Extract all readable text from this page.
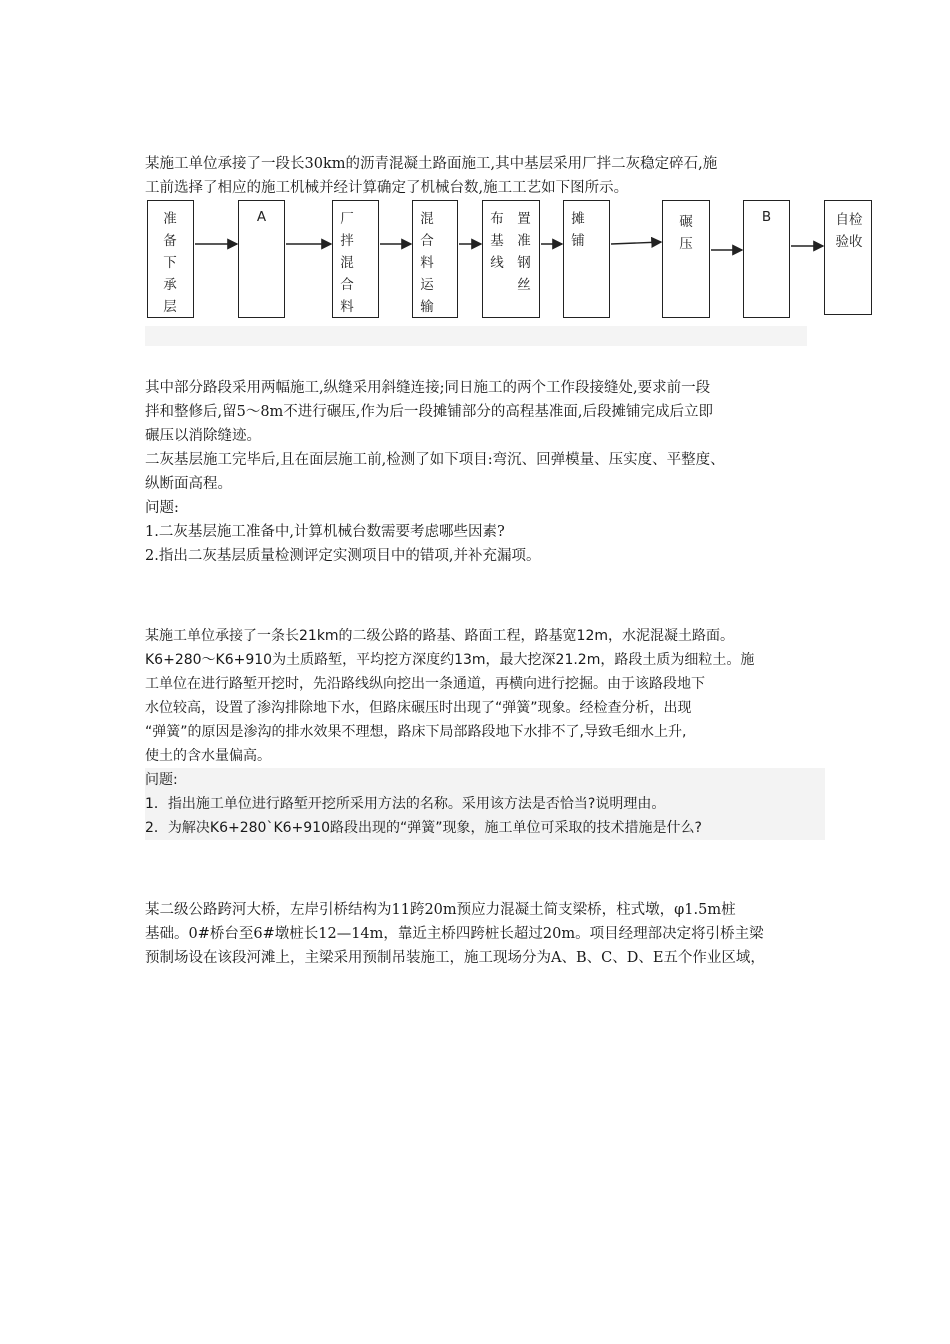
某施工单位承接了一段长30km的沥青混凝土路面施工,其中基层采用厂拌二灰稳定碎石,施
工前选择了相应的施工机械并经计算确定了机械台数,施工工艺如下图所示。
准备下承层
A	厂拌混合料
混合料运输
布基线
置准钢丝
摊铺
碾压
B	自检验收
其中部分路段采用两幅施工,纵缝采用斜缝连接;同日施工的两个工作段接缝处,要求前一段
拌和整修后,留5～8m不进行碾压,作为后一段摊铺部分的高程基准面,后段摊铺完成后立即
碾压以消除缝迹。
二灰基层施工完毕后,且在面层施工前,检测了如下项目:弯沉、回弹模量、压实度、平整度、
纵断面高程。
问题:
1.二灰基层施工准备中,计算机械台数需要考虑哪些因素?
2.指出二灰基层质量检测评定实测项目中的错项,并补充漏项。
某施工单位承接了一条长21km的二级公路的路基、路面工程，路基宽12m，水泥混凝土路面。
K6+280～K6+910为土质路堑，平均挖方深度约13m，最大挖深21.2m，路段土质为细粒土。施
工单位在进行路堑开挖时，先沿路线纵向挖出一条通道，再横向进行挖掘。由于该路段地下
水位较高，设置了渗沟排除地下水，但路床碾压时出现了“弹簧”现象。经检查分析，出现
“弹簧”的原因是渗沟的排水效果不理想，路床下局部路段地下水排不了,导致毛细水上升,
使土的含水量偏高。
问题:
1．指出施工单位进行路堑开挖所采用方法的名称。采用该方法是否恰当?说明理由。
2．为解决K6+280`K6+910路段出现的“弹簧”现象，施工单位可采取的技术措施是什么?
某二级公路跨河大桥，左岸引桥结构为11跨20m预应力混凝土简支梁桥，柱式墩，φ1.5m桩
基础。0#桥台至6#墩桩长12—14m，靠近主桥四跨桩长超过20m。项目经理部决定将引桥主梁
预制场设在该段河滩上，主梁采用预制吊装施工，施工现场分为A、B、C、D、E五个作业区域，
